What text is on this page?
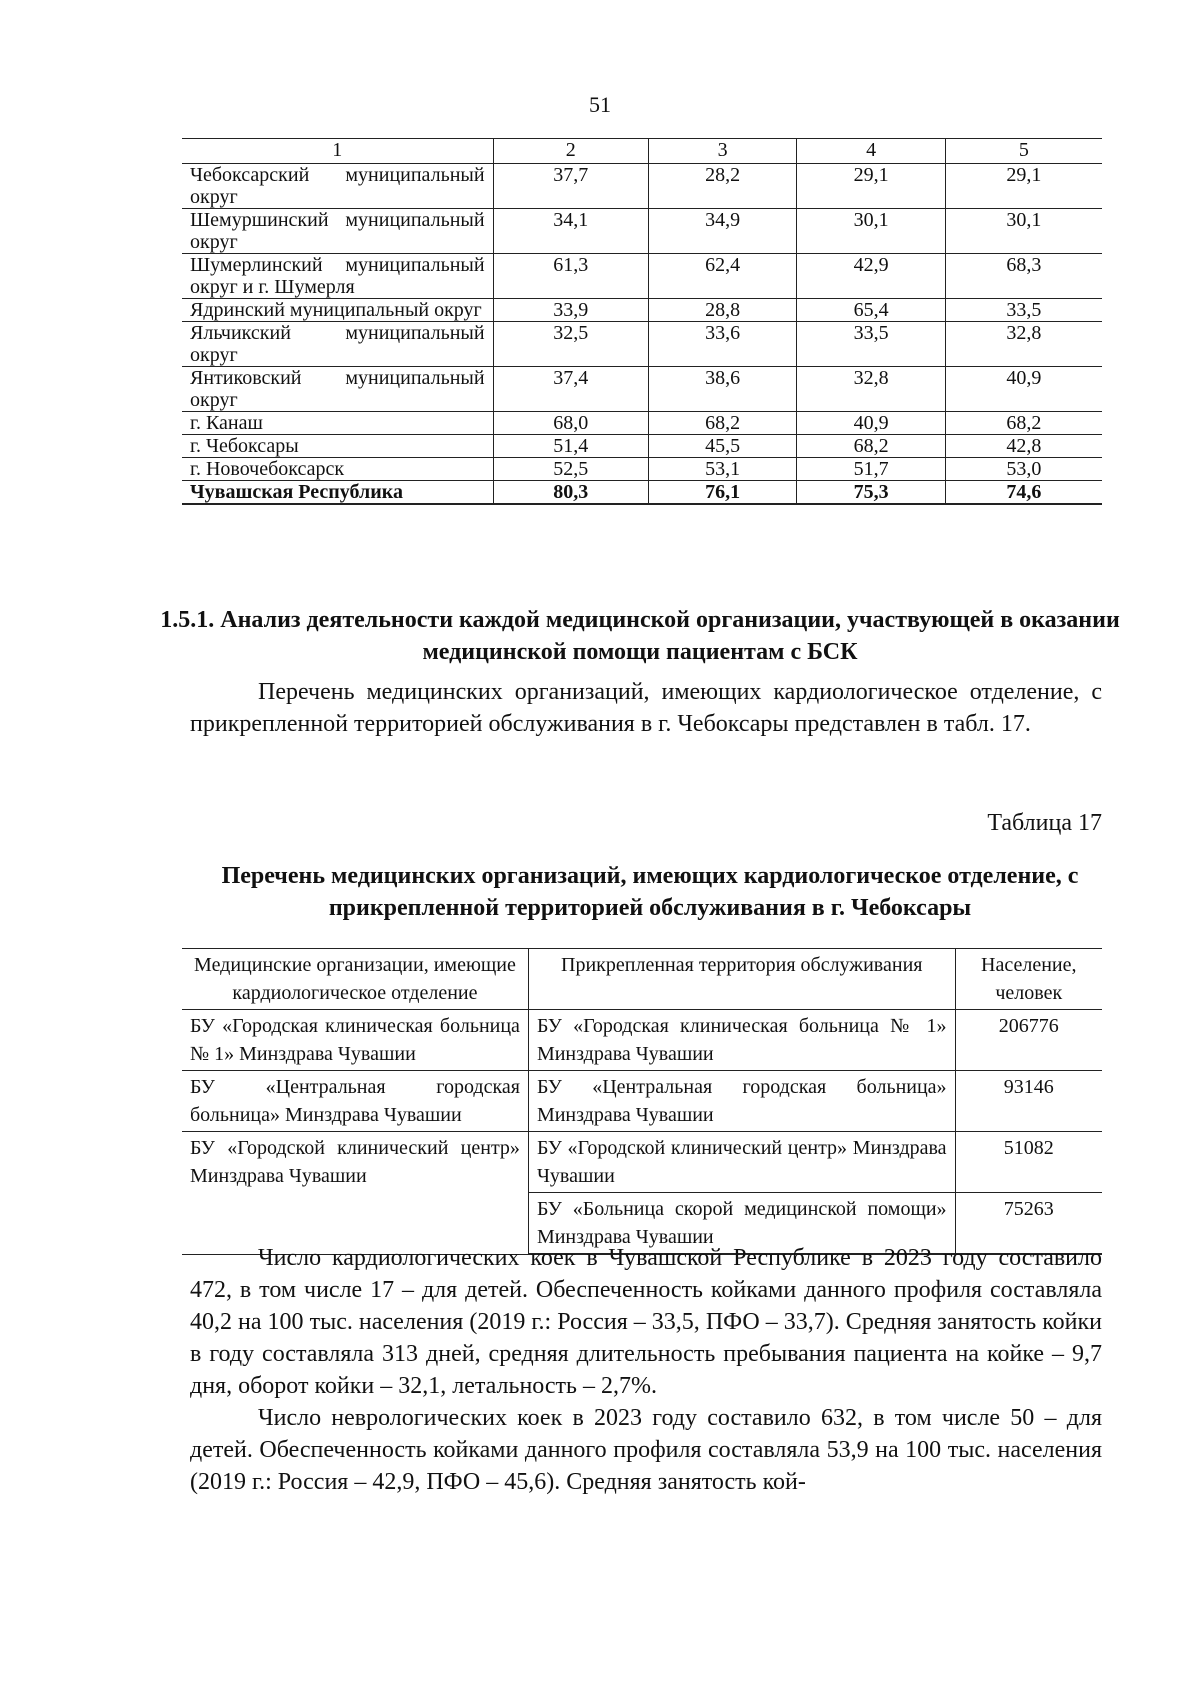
51
1	2	3	4	5
Чебоксарский муниципальный округ	37,7	28,2	29,1	29,1
Шемуршинский муниципальный округ	34,1	34,9	30,1	30,1
Шумерлинский муниципальный округ и г. Шумерля	61,3	62,4	42,9	68,3
Ядринский муниципальный округ	33,9	28,8	65,4	33,5
Яльчикский муниципальный округ	32,5	33,6	33,5	32,8
Янтиковский муниципальный округ	37,4	38,6	32,8	40,9
г. Канаш	68,0	68,2	40,9	68,2
г. Чебоксары	51,4	45,5	68,2	42,8
г. Новочебоксарск	52,5	53,1	51,7	53,0
Чувашская Республика	80,3	76,1	75,3	74,6
1.5.1. Анализ деятельности каждой медицинской организации, участвующей в оказании медицинской помощи пациентам с БСК
Перечень медицинских организаций, имеющих кардиологическое отделение, с прикрепленной территорией обслуживания в г. Чебоксары представлен в табл. 17.
Таблица 17
Перечень медицинских организаций, имеющих кардиологическое отделение, с прикрепленной территорией обслуживания в г. Чебоксары
Медицинские организации, имеющие кардиологическое отделение	Прикрепленная территория обслуживания	Население, человек
БУ «Городская клиническая больница № 1» Минздрава Чувашии	БУ «Городская клиническая больница № 1» Минздрава Чувашии	206776
БУ «Центральная городская больница» Минздрава Чувашии	БУ «Центральная городская больница» Минздрава Чувашии	93146
БУ «Городской клинический центр» Минздрава Чувашии	БУ «Городской клинический центр» Минздрава Чувашии	51082
	БУ «Больница скорой медицинской помощи» Минздрава Чувашии	75263
Число кардиологических коек в Чувашской Республике в 2023 году составило 472, в том числе 17 – для детей. Обеспеченность койками данного профиля составляла 40,2 на 100 тыс. населения (2019 г.: Россия – 33,5, ПФО – 33,7). Средняя занятость койки в году составляла 313 дней, средняя длительность пребывания пациента на койке – 9,7 дня, оборот койки – 32,1, летальность – 2,7%.
Число неврологических коек в 2023 году составило 632, в том числе 50 – для детей. Обеспеченность койками данного профиля составляла 53,9 на 100 тыс. населения (2019 г.: Россия – 42,9, ПФО – 45,6). Средняя занятость кой-
